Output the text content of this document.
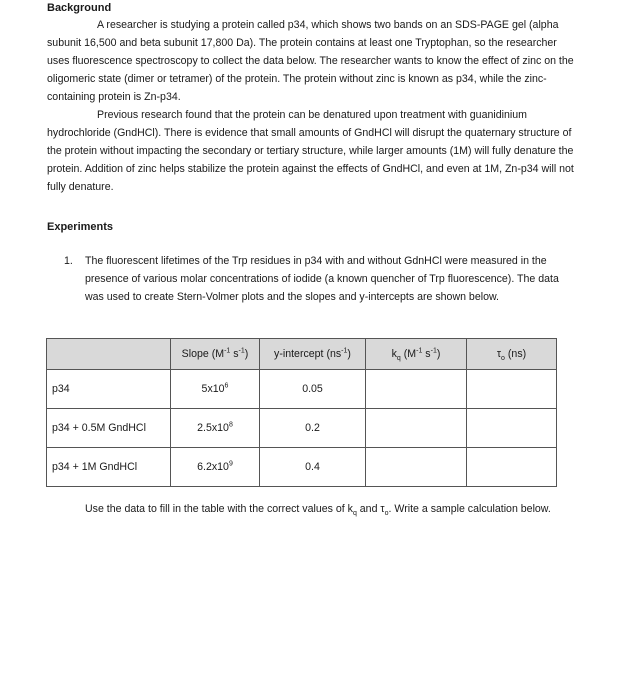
Background

A researcher is studying a protein called p34, which shows two bands on an SDS-PAGE gel (alpha subunit 16,500 and beta subunit 17,800 Da). The protein contains at least one Tryptophan, so the researcher uses fluorescence spectroscopy to collect the data below. The researcher wants to know the effect of zinc on the oligomeric state (dimer or tetramer) of the protein. The protein without zinc is known as p34, while the zinc-containing protein is Zn-p34.

Previous research found that the protein can be denatured upon treatment with guanidinium hydrochloride (GndHCl). There is evidence that small amounts of GndHCl will disrupt the quaternary structure of the protein without impacting the secondary or tertiary structure, while larger amounts (1M) will fully denature the protein. Addition of zinc helps stabilize the protein against the effects of GndHCl, and even at 1M, Zn-p34 will not fully denature.

Experiments
1. The fluorescent lifetimes of the Trp residues in p34 with and without GdnHCl were measured in the presence of various molar concentrations of iodide (a known quencher of Trp fluorescence). The data was used to create Stern-Volmer plots and the slopes and y-intercepts are shown below.

	Slope ($M^{-1}$ $s^{-1}$)	y-intercept $(ns^{-1})$	$k_q$ ($M^{-1}$ $s^{-1}$)	$\tau_o$ (ns)
p34	$5x10^6$	0.05		
p34 + 0.5M GndHCl	$2.5x10^8$	0.2		
p34 + 1M GndHCl	$6.2x10^9$	0.4		

Use the data to fill in the table with the correct values of $k_q$ and $\tau_o$. Write a sample calculation below.
